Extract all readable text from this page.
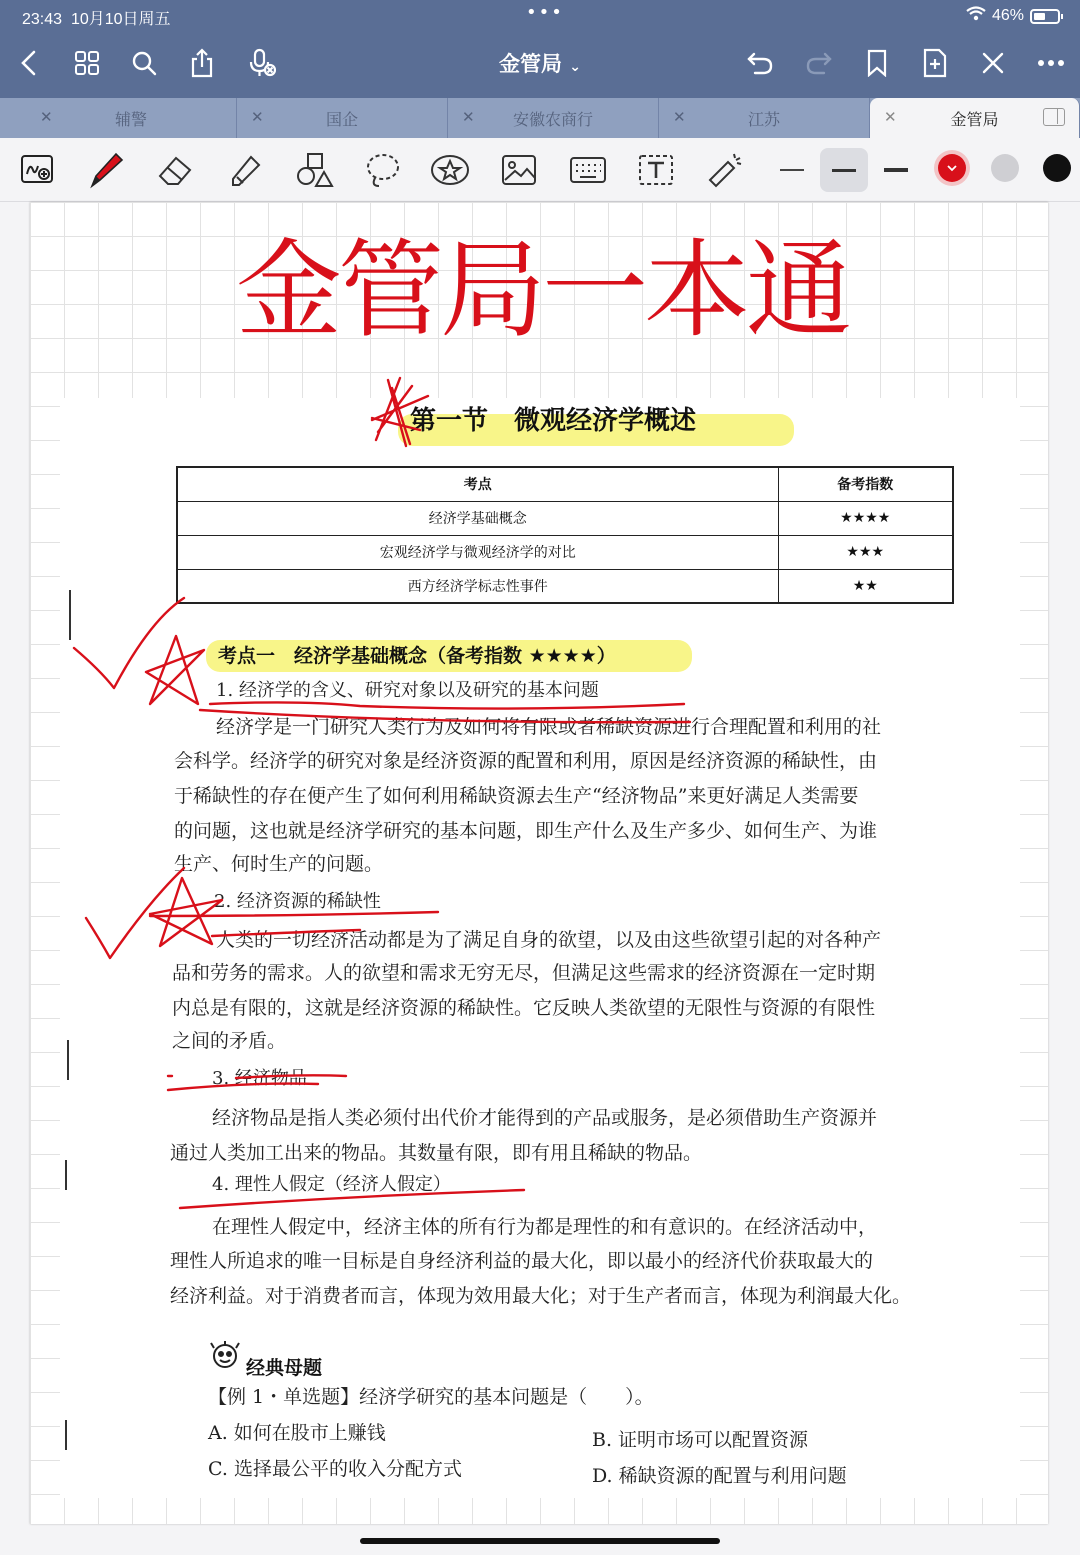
23:43 10月10日周五	•••	46%
金管局 ⌄
✕	辅警	✕	国企	✕	安徽农商行	✕	江苏	✕	金管局
金管局一本通
第一节　微观经济学概述
考点	备考指数
经济学基础概念	★★★★
宏观经济学与微观经济学的对比	★★★
西方经济学标志性事件	★★
考点一　经济学基础概念（备考指数 ★★★★）
1. 经济学的含义、研究对象以及研究的基本问题
经济学是一门研究人类行为及如何将有限或者稀缺资源进行合理配置和利用的社
会科学。经济学的研究对象是经济资源的配置和利用，原因是经济资源的稀缺性，由
于稀缺性的存在便产生了如何利用稀缺资源去生产“经济物品”来更好满足人类需要
的问题，这也就是经济学研究的基本问题，即生产什么及生产多少、如何生产、为谁
生产、何时生产的问题。
2. 经济资源的稀缺性
人类的一切经济活动都是为了满足自身的欲望，以及由这些欲望引起的对各种产
品和劳务的需求。人的欲望和需求无穷无尽，但满足这些需求的经济资源在一定时期
内总是有限的，这就是经济资源的稀缺性。它反映人类欲望的无限性与资源的有限性
之间的矛盾。
3. 经济物品
经济物品是指人类必须付出代价才能得到的产品或服务，是必须借助生产资源并
通过人类加工出来的物品。其数量有限，即有用且稀缺的物品。
4. 理性人假定（经济人假定）
在理性人假定中，经济主体的所有行为都是理性的和有意识的。在经济活动中，
理性人所追求的唯一目标是自身经济利益的最大化，即以最小的经济代价获取最大的
经济利益。对于消费者而言，体现为效用最大化；对于生产者而言，体现为利润最大化。
经典母题
【例 1・单选题】经济学研究的基本问题是（　　）。
A. 如何在股市上赚钱	B. 证明市场可以配置资源
C. 选择最公平的收入分配方式	D. 稀缺资源的配置与利用问题
